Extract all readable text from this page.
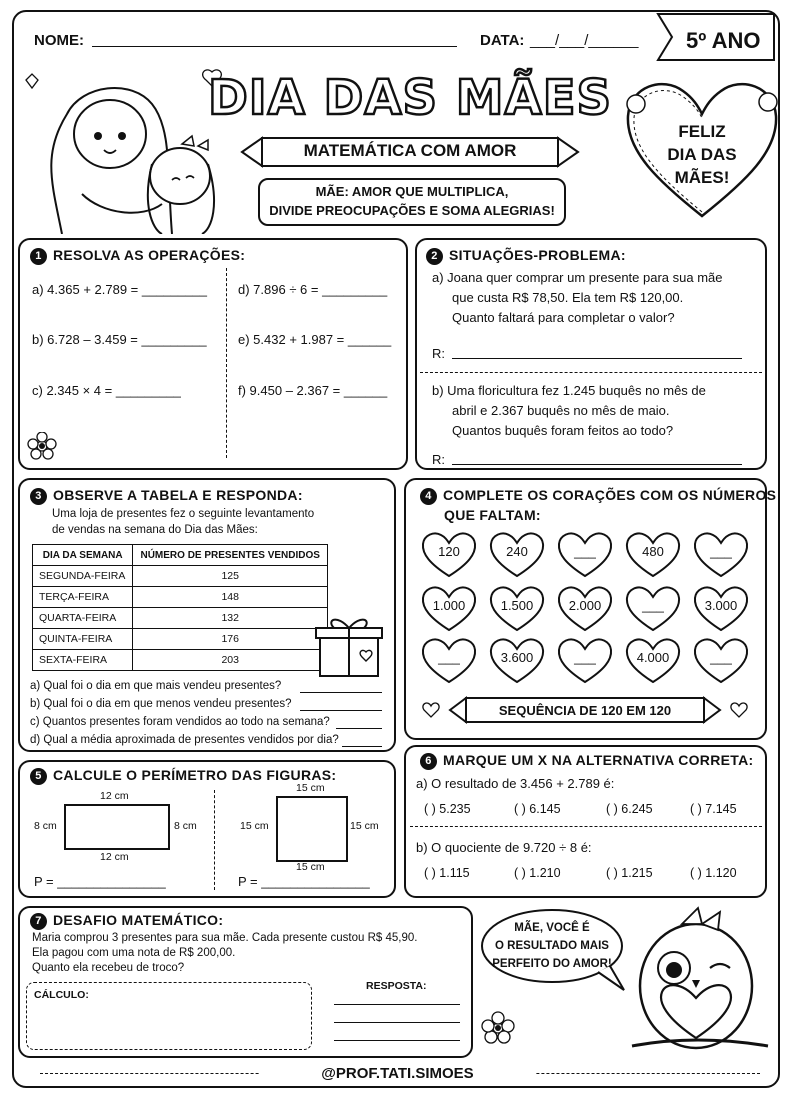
NOME:	DATA: ___/___/______ 5º ANO
DIA DAS MÃES
MATEMÁTICA COM AMOR
MÃE: AMOR QUE MULTIPLICA,
DIVIDE PREOCUPAÇÕES E SOMA ALEGRIAS!
FELIZ
DIA DAS
MÃES!
1 RESOLVA AS OPERAÇÕES:
a) 4.365 + 2.789 = _________
b) 6.728 – 3.459 = _________
c) 2.345 × 4 = _________
d) 7.896 ÷ 6 = _________
e) 5.432 + 1.987 = ______
f) 9.450 – 2.367 = ______
2 SITUAÇÕES-PROBLEMA:
a) Joana quer comprar um presente para sua mãe
que custa R$ 78,50. Ela tem R$ 120,00.
Quanto faltará para completar o valor?
R:
b) Uma floricultura fez 1.245 buquês no mês de
abril e 2.367 buquês no mês de maio.
Quantos buquês foram feitos ao todo?
R:
3 OBSERVE A TABELA E RESPONDA:
Uma loja de presentes fez o seguinte levantamento
de vendas na semana do Dia das Mães:
DIA DA SEMANA	NÚMERO DE PRESENTES VENDIDOS
SEGUNDA-FEIRA	125
TERÇA-FEIRA	148
QUARTA-FEIRA	132
QUINTA-FEIRA	176
SEXTA-FEIRA	203
a) Qual foi o dia em que mais vendeu presentes?
b) Qual foi o dia em que menos vendeu presentes?
c) Quantos presentes foram vendidos ao todo na semana?
d) Qual a média aproximada de presentes vendidos por dia?
4 COMPLETE OS CORAÇÕES COM OS NÚMEROS
QUE FALTAM:
120	240	___	480	___
1.000	1.500	2.000	___	3.000
___	3.600	___	4.000	___
SEQUÊNCIA DE 120 EM 120
5 CALCULE O PERÍMETRO DAS FIGURAS:
12 cm
12 cm
8 cm	8 cm
P = _______________
15 cm
15 cm	15 cm
15 cm
P = _______________
6 MARQUE UM X NA ALTERNATIVA CORRETA:
a) O resultado de 3.456 + 2.789 é:
( ) 5.235	( ) 6.145	( ) 6.245	( ) 7.145
b) O quociente de 9.720 ÷ 8 é:
( ) 1.115	( ) 1.210	( ) 1.215	( ) 1.120
7 DESAFIO MATEMÁTICO:
Maria comprou 3 presentes para sua mãe. Cada presente custou R$ 45,90.
Ela pagou com uma nota de R$ 200,00.
Quanto ela recebeu de troco?
CÁLCULO:
RESPOSTA:
MÃE, VOCÊ É
O RESULTADO MAIS
PERFEITO DO AMOR!
@PROF.TATI.SIMOES
